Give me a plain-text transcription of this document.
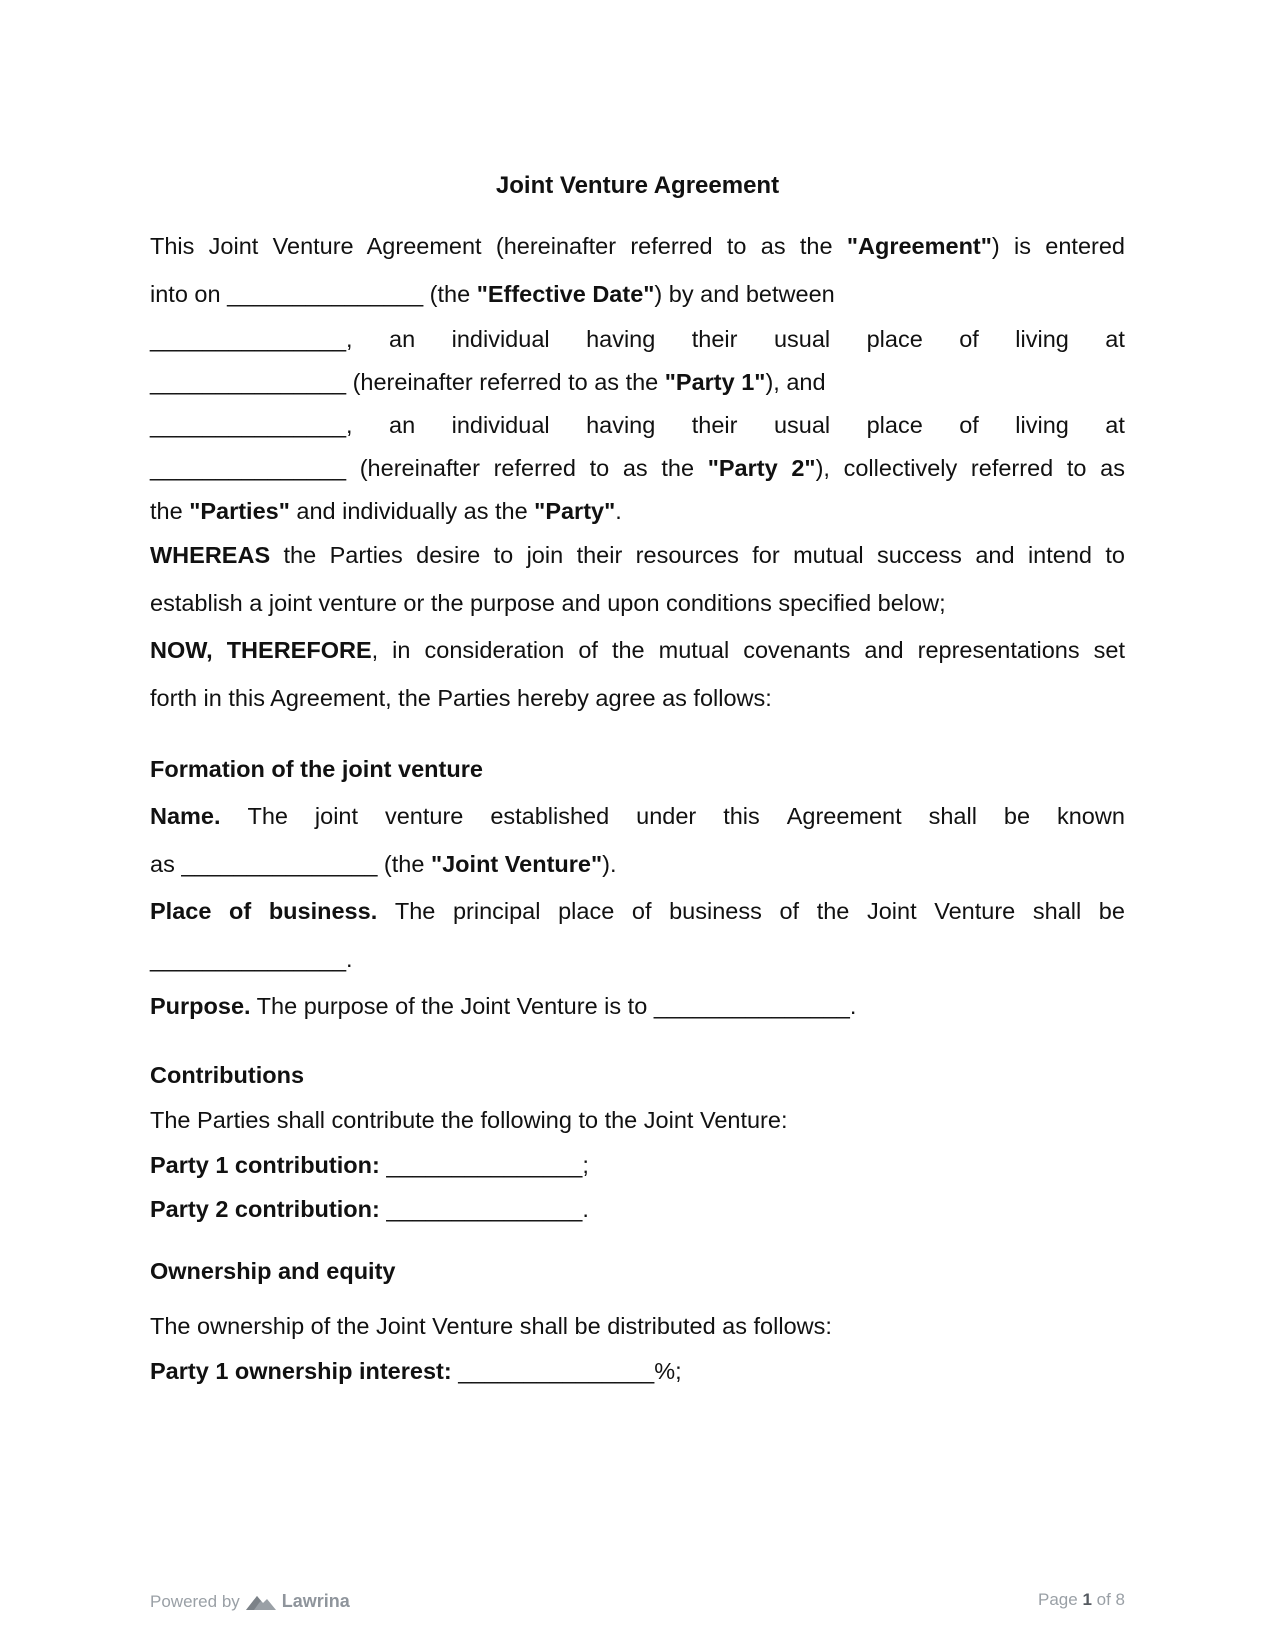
Joint Venture Agreement
This Joint Venture Agreement (hereinafter referred to as the "Agreement") is entered
into on _______________ (the "Effective Date") by and between
_______________, an individual having their usual place of living at
_______________ (hereinafter referred to as the "Party 1"), and
_______________, an individual having their usual place of living at
_______________ (hereinafter referred to as the "Party 2"), collectively referred to as
the "Parties" and individually as the "Party".
WHEREAS the Parties desire to join their resources for mutual success and intend to
establish a joint venture or the purpose and upon conditions specified below;
NOW, THEREFORE, in consideration of the mutual covenants and representations set
forth in this Agreement, the Parties hereby agree as follows:
Formation of the joint venture
Name. The joint venture established under this Agreement shall be known
as _______________ (the "Joint Venture").
Place of business. The principal place of business of the Joint Venture shall be
_______________.
Purpose. The purpose of the Joint Venture is to _______________.
Contributions
The Parties shall contribute the following to the Joint Venture:
Party 1 contribution: _______________;
Party 2 contribution: _______________.
Ownership and equity
The ownership of the Joint Venture shall be distributed as follows:
Party 1 ownership interest: _______________%;
Powered by Lawrina	Page 1 of 8
